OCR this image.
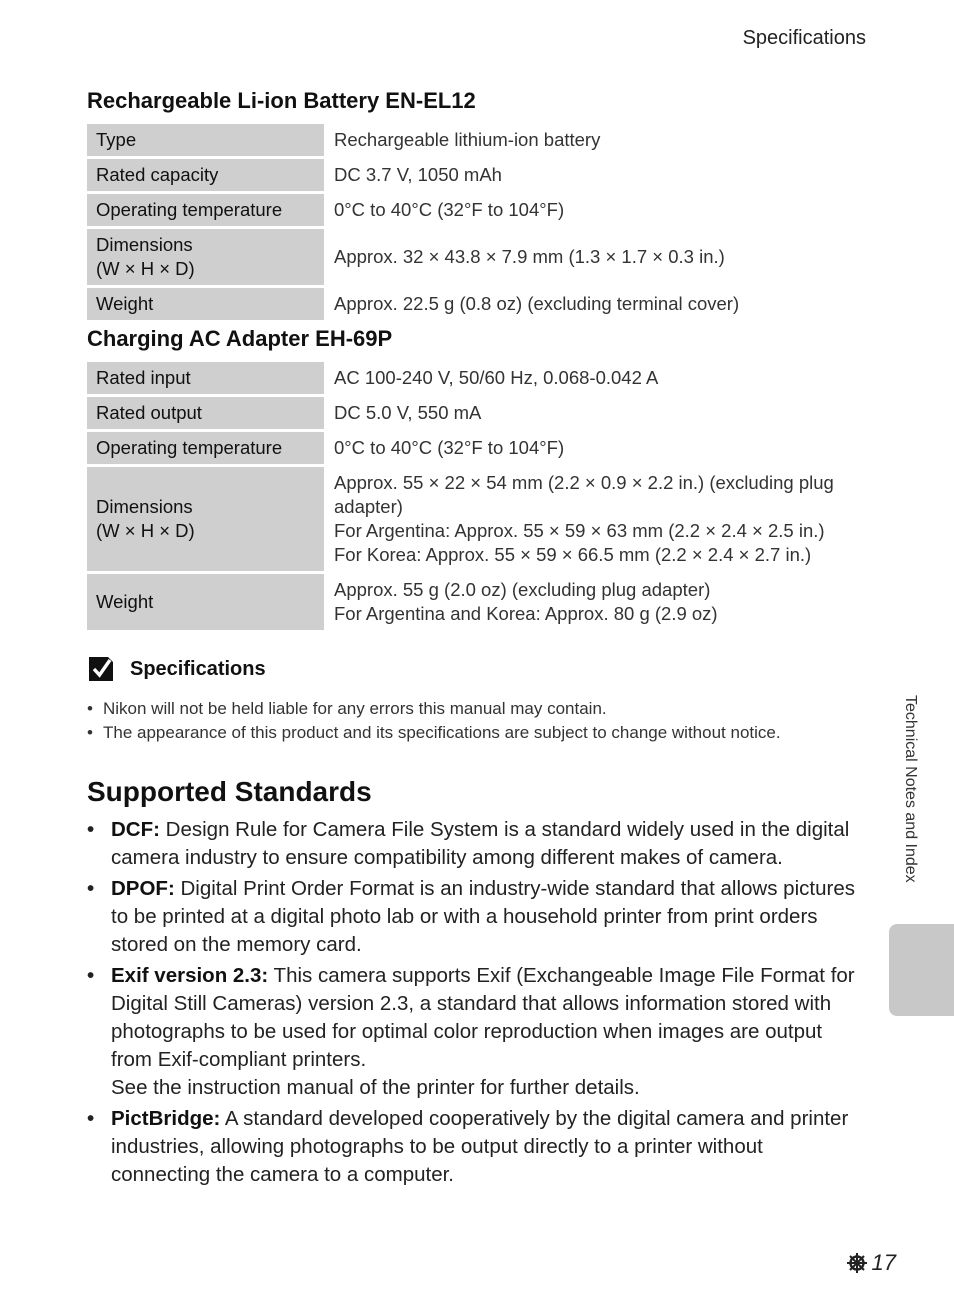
Specifications
Rechargeable Li-ion Battery EN-EL12
Type	Rechargeable lithium-ion battery
Rated capacity	DC 3.7 V, 1050 mAh
Operating temperature	0°C to 40°C (32°F to 104°F)
Dimensions
(W × H × D)	Approx. 32 × 43.8 × 7.9 mm (1.3 × 1.7 × 0.3 in.)
Weight	Approx. 22.5 g (0.8 oz) (excluding terminal cover)
Charging AC Adapter EH-69P
Rated input	AC 100-240 V, 50/60 Hz, 0.068-0.042 A
Rated output	DC 5.0 V, 550 mA
Operating temperature	0°C to 40°C (32°F to 104°F)
Dimensions
(W × H × D)	Approx. 55 × 22 × 54 mm (2.2 × 0.9 × 2.2 in.) (excluding plug adapter)
For Argentina: Approx. 55 × 59 × 63 mm (2.2 × 2.4 × 2.5 in.)
For Korea: Approx. 55 × 59 × 66.5 mm (2.2 × 2.4 × 2.7 in.)
Weight	Approx. 55 g (2.0 oz) (excluding plug adapter)
For Argentina and Korea: Approx. 80 g (2.9 oz)
Specifications
• Nikon will not be held liable for any errors this manual may contain.
• The appearance of this product and its specifications are subject to change without notice.
Supported Standards
• DCF: Design Rule for Camera File System is a standard widely used in the digital camera industry to ensure compatibility among different makes of camera.
• DPOF: Digital Print Order Format is an industry-wide standard that allows pictures to be printed at a digital photo lab or with a household printer from print orders stored on the memory card.
• Exif version 2.3: This camera supports Exif (Exchangeable Image File Format for Digital Still Cameras) version 2.3, a standard that allows information stored with photographs to be used for optimal color reproduction when images are output from Exif-compliant printers.
See the instruction manual of the printer for further details.
• PictBridge: A standard developed cooperatively by the digital camera and printer industries, allowing photographs to be output directly to a printer without connecting the camera to a computer.
Technical Notes and Index
17
